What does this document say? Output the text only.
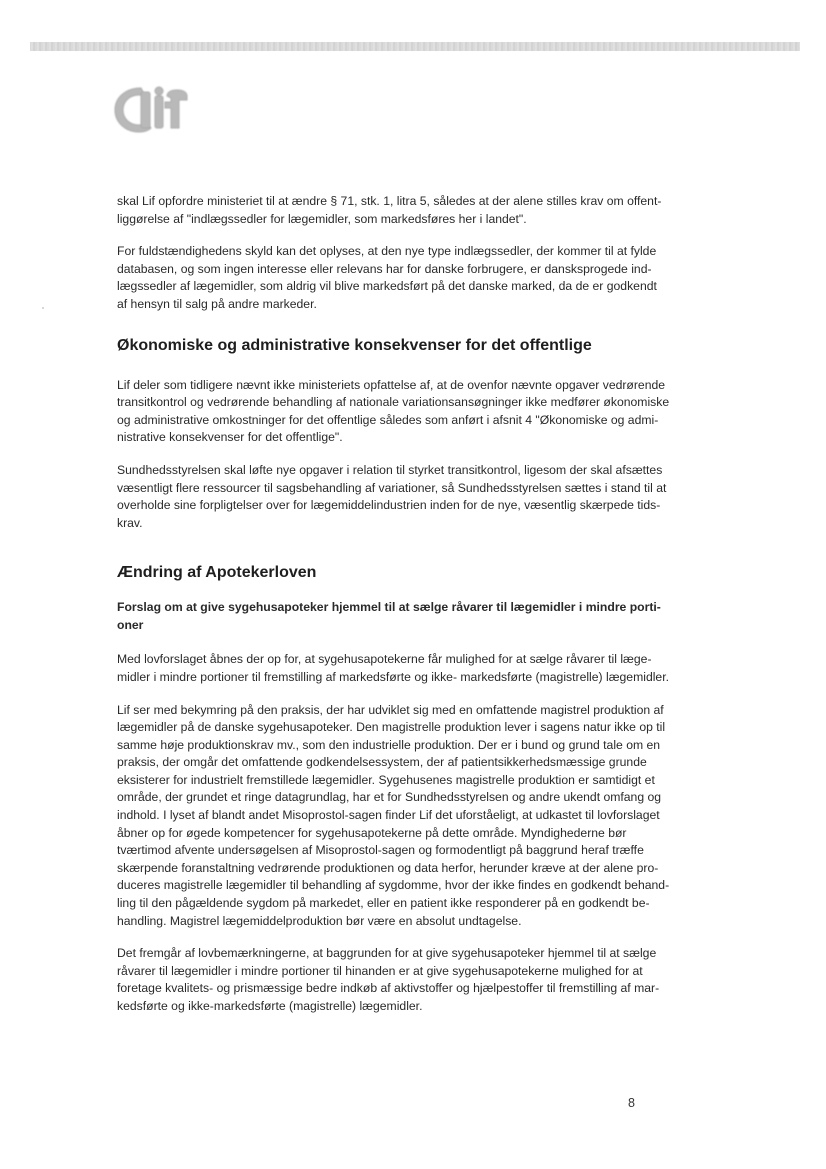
skal Lif opfordre ministeriet til at ændre § 71, stk. 1, litra 5, således at der alene stilles krav om offent-
liggørelse af "indlægssedler for lægemidler, som markedsføres her i landet".

For fuldstændighedens skyld kan det oplyses, at den nye type indlægssedler, der kommer til at fylde
databasen, og som ingen interesse eller relevans har for danske forbrugere, er dansksprogede ind-
lægssedler af lægemidler, som aldrig vil blive markedsført på det danske marked, da de er godkendt
af hensyn til salg på andre markeder.

Økonomiske og administrative konsekvenser for det offentlige

Lif deler som tidligere nævnt ikke ministeriets opfattelse af, at de ovenfor nævnte opgaver vedrørende
transitkontrol og vedrørende behandling af nationale variationsansøgninger ikke medfører økonomiske
og administrative omkostninger for det offentlige således som anført i afsnit 4 "Økonomiske og admi-
nistrative konsekvenser for det offentlige".

Sundhedsstyrelsen skal løfte nye opgaver i relation til styrket transitkontrol, ligesom der skal afsættes
væsentligt flere ressourcer til sagsbehandling af variationer, så Sundhedsstyrelsen sættes i stand til at
overholde sine forpligtelser over for lægemiddelindustrien inden for de nye, væsentlig skærpede tids-
krav.

Ændring af Apotekerloven
Forslag om at give sygehusapoteker hjemmel til at sælge råvarer til lægemidler i mindre porti-
oner

Med lovforslaget åbnes der op for, at sygehusapotekerne får mulighed for at sælge råvarer til læge-
midler i mindre portioner til fremstilling af markedsførte og ikke- markedsførte (magistrelle) lægemidler.

Lif ser med bekymring på den praksis, der har udviklet sig med en omfattende magistrel produktion af
lægemidler på de danske sygehusapoteker. Den magistrelle produktion lever i sagens natur ikke op til
samme høje produktionskrav mv., som den industrielle produktion. Der er i bund og grund tale om en
praksis, der omgår det omfattende godkendelsessystem, der af patientsikkerhedsmæssige grunde
eksisterer for industrielt fremstillede lægemidler. Sygehusenes magistrelle produktion er samtidigt et
område, der grundet et ringe datagrundlag, har et for Sundhedsstyrelsen og andre ukendt omfang og
indhold. I lyset af blandt andet Misoprostol-sagen finder Lif det uforståeligt, at udkastet til lovforslaget
åbner op for øgede kompetencer for sygehusapotekerne på dette område. Myndighederne bør
tværtimod afvente undersøgelsen af Misoprostol-sagen og formodentligt på baggrund heraf træffe
skærpende foranstaltning vedrørende produktionen og data herfor, herunder kræve at der alene pro-
duceres magistrelle lægemidler til behandling af sygdomme, hvor der ikke findes en godkendt behand-
ling til den pågældende sygdom på markedet, eller en patient ikke responderer på en godkendt be-
handling. Magistrel lægemiddelproduktion bør være en absolut undtagelse.

Det fremgår af lovbemærkningerne, at baggrunden for at give sygehusapoteker hjemmel til at sælge
råvarer til lægemidler i mindre portioner til hinanden er at give sygehusapotekerne mulighed for at
foretage kvalitets- og prismæssige bedre indkøb af aktivstoffer og hjælpestoffer til fremstilling af mar-
kedsførte og ikke-markedsførte (magistrelle) lægemidler.

8
